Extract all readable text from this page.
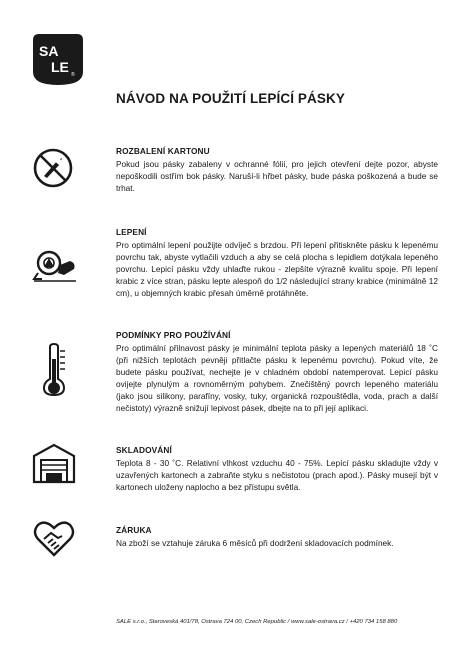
SA
LE ®
NÁVOD NA POUŽITÍ LEPÍCÍ PÁSKY
ROZBALENÍ KARTONU

Pokud jsou pásky zabaleny v ochranné fólii, pro jejich otevření dejte pozor, abyste nepoškodili ostřím bok pásky. Naruší-li hřbet pásky, bude páska poškozená a bude se trhat.

LEPENÍ

Pro optimální lepení použijte odvíječ s brzdou. Při lepení přitiskněte pásku k lepenému povrchu tak, abyste vytlačili vzduch a aby se celá plocha s lepidlem dotýkala lepeného povrchu. Lepicí pásku vždy uhlaďte rukou - zlepšíte výrazně kvalitu spoje. Při lepení krabic z více stran, pásku lepte alespoň do 1/2 následující strany krabice (minimálně 12 cm), u objemných krabic přesah úměrně protáhněte.

PODMÍNKY PRO POUŽÍVÁNÍ

Pro optimální přilnavost pásky je minimální teplota pásky a lepených materiálů 18 ˚C (při nižších teplotách pevněji přitlačte pásku k lepenému povrchu). Pokud víte, že budete pásku používat, nechejte je v chladném období natemperovat. Lepicí pásku ovijejte plynulým a rovnoměrným pohybem. Znečištěný povrch lepeného materiálu (jako jsou silikony, parafíny, vosky, tuky, organická rozpouštědla, voda, prach a další nečistoty) výrazně snižují lepivost pásek, dbejte na to při její aplikaci.

SKLADOVÁNÍ

Teplota 8 - 30 ˚C. Relativní vlhkost vzduchu 40 - 75%. Lepící pásku skladujte vždy v uzavřených kartonech a zabraňte styku s nečistotou (prach apod.). Pásky musejí být v kartonech uloženy naplocho a bez přístupu světla.

ZÁRUKA

Na zboží se vztahuje záruka 6 měsíců při dodržení skladovacích podmínek.

SALE s.r.o., Staroveská 401/78, Ostrava 724 00, Czech Republic / www.sale-ostrava.cz / +420 734 158 880
